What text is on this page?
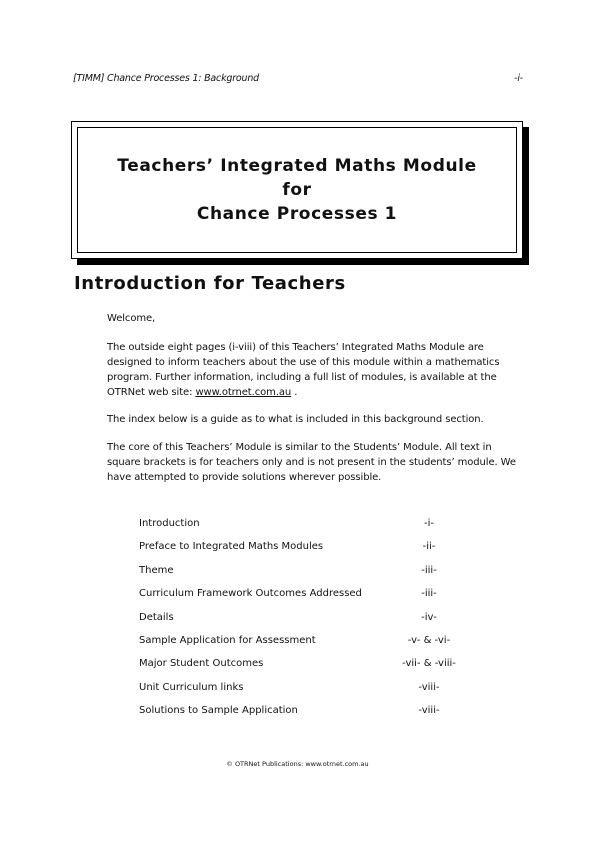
[TIMM] Chance Processes 1: Background	-i-
Teachers’ Integrated Maths Module
for
Chance Processes 1
Introduction for Teachers

Welcome,

The outside eight pages (i-viii) of this Teachers’ Integrated Maths Module are designed to inform teachers about the use of this module within a mathematics program. Further information, including a full list of modules, is available at the OTRNet web site: www.otrnet.com.au .

The index below is a guide as to what is included in this background section.

The core of this Teachers’ Module is similar to the Students’ Module. All text in square brackets is for teachers only and is not present in the students’ module. We have attempted to provide solutions wherever possible.

Introduction	-i-
Preface to Integrated Maths Modules	-ii-
Theme	-iii-
Curriculum Framework Outcomes Addressed	-iii-
Details	-iv-
Sample Application for Assessment	-v- & -vi-
Major Student Outcomes	-vii- & -viii-
Unit Curriculum links	-viii-
Solutions to Sample Application	-viii-
© OTRNet Publications: www.otrnet.com.au
